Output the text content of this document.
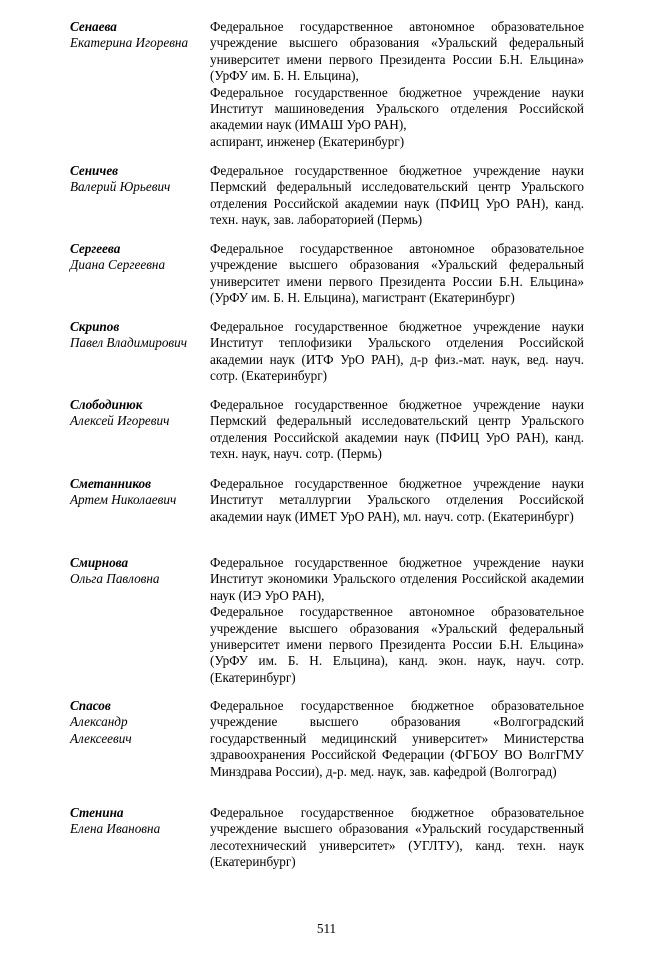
Сенаева
Екатерина Игоревна

Федеральное государственное автономное образовательное учреждение высшего образования «Уральский федеральный университет имени первого Президента России Б.Н. Ельцина» (УрФУ им. Б. Н. Ельцина),

Федеральное государственное бюджетное учреждение науки Институт машиноведения Уральского отделения Российской академии наук (ИМАШ УрО РАН),

аспирант, инженер (Екатеринбург)

Сеничев
Валерий Юрьевич

Федеральное государственное бюджетное учреждение науки Пермский федеральный исследовательский центр Уральского отделения Российской академии наук (ПФИЦ УрО РАН), канд. техн. наук, зав. лабораторией (Пермь)

Сергеева
Диана Сергеевна

Федеральное государственное автономное образовательное учреждение высшего образования «Уральский федеральный университет имени первого Президента России Б.Н. Ельцина» (УрФУ им. Б. Н. Ельцина), магистрант (Екатеринбург)

Скрипов
Павел Владимирович

Федеральное государственное бюджетное учреждение науки Институт теплофизики Уральского отделения Российской академии наук (ИТФ УрО РАН), д-р физ.-мат. наук, вед. науч. сотр. (Екатеринбург)

Слободинюк
Алексей Игоревич

Федеральное государственное бюджетное учреждение науки Пермский федеральный исследовательский центр Уральского отделения Российской академии наук (ПФИЦ УрО РАН), канд. техн. наук, науч. сотр. (Пермь)

Сметанников
Артем Николаевич

Федеральное государственное бюджетное учреждение науки Институт металлургии Уральского отделения Российской академии наук (ИМЕТ УрО РАН), мл. науч. сотр. (Екатеринбург)

Смирнова
Ольга Павловна

Федеральное государственное бюджетное учреждение науки Институт экономики Уральского отделения Российской академии наук (ИЭ УрО РАН),

Федеральное государственное автономное образовательное учреждение высшего образования «Уральский федеральный университет имени первого Президента России Б.Н. Ельцина» (УрФУ им. Б. Н. Ельцина), канд. экон. наук, науч. сотр. (Екатеринбург)

Спасов
Александр
Алексеевич

Федеральное государственное бюджетное образовательное учреждение высшего образования «Волгоградский государственный медицинский университет» Министерства здравоохранения Российской Федерации (ФГБОУ ВО ВолгГМУ Минздрава России), д-р. мед. наук, зав. кафедрой (Волгоград)

Стенина
Елена Ивановна

Федеральное государственное бюджетное образовательное учреждение высшего образования «Уральский государственный лесотехнический университет» (УГЛТУ), канд. техн. наук (Екатеринбург)

511
